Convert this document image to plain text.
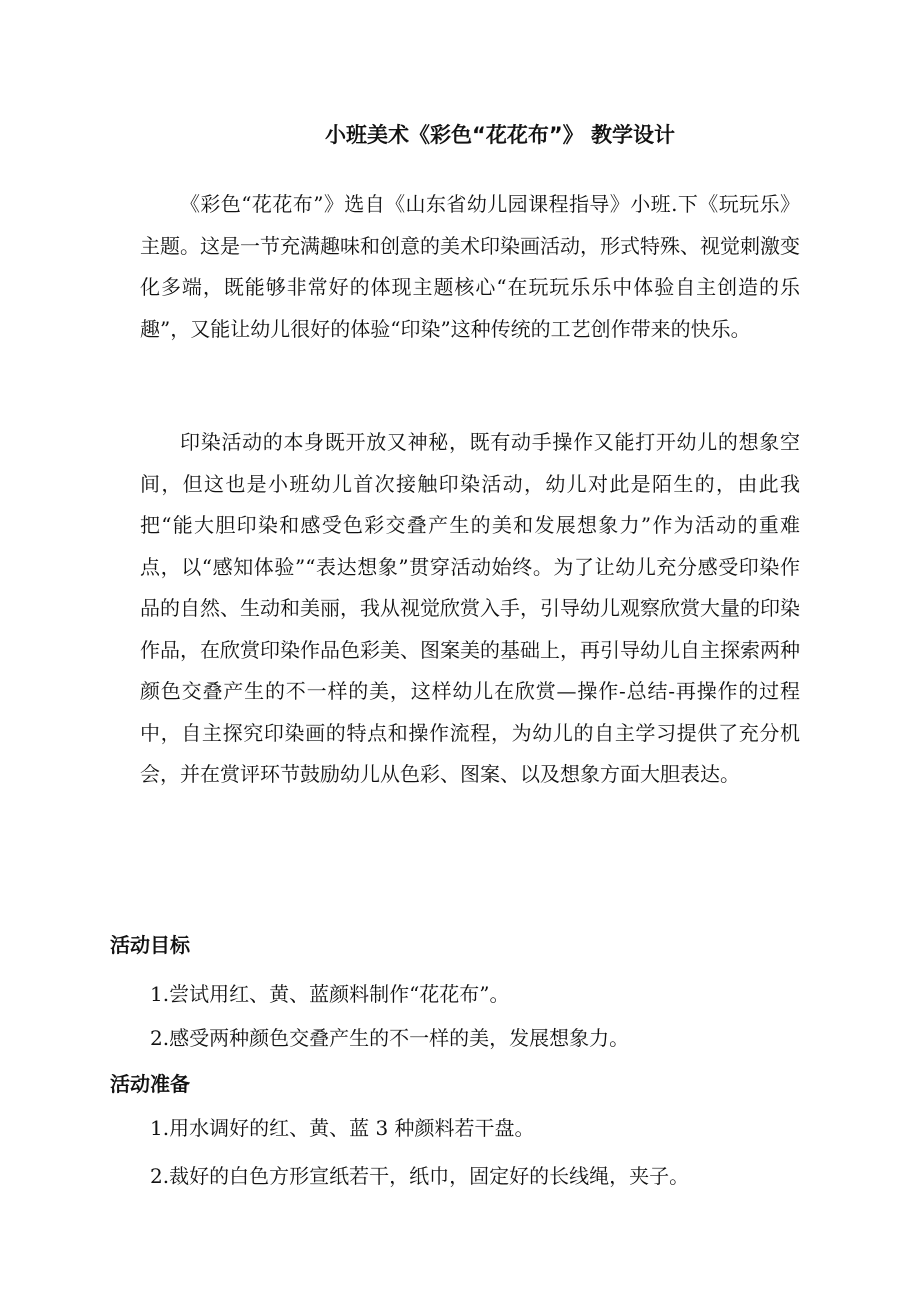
小班美术《彩色“花花布”》 教学设计

《彩色“花花布”》选自《山东省幼儿园课程指导》小班.下《玩玩乐》主题。这是一节充满趣味和创意的美术印染画活动，形式特殊、视觉刺激变化多端，既能够非常好的体现主题核心“在玩玩乐乐中体验自主创造的乐趣”，又能让幼儿很好的体验“印染”这种传统的工艺创作带来的快乐。

印染活动的本身既开放又神秘，既有动手操作又能打开幼儿的想象空间，但这也是小班幼儿首次接触印染活动，幼儿对此是陌生的，由此我把“能大胆印染和感受色彩交叠产生的美和发展想象力”作为活动的重难点，以“感知体验”“表达想象”贯穿活动始终。为了让幼儿充分感受印染作品的自然、生动和美丽，我从视觉欣赏入手，引导幼儿观察欣赏大量的印染作品，在欣赏印染作品色彩美、图案美的基础上，再引导幼儿自主探索两种颜色交叠产生的不一样的美，这样幼儿在欣赏—操作-总结-再操作的过程中，自主探究印染画的特点和操作流程，为幼儿的自主学习提供了充分机会，并在赏评环节鼓励幼儿从色彩、图案、以及想象方面大胆表达。

活动目标
1.尝试用红、黄、蓝颜料制作“花花布”。
2.感受两种颜色交叠产生的不一样的美，发展想象力。
活动准备
1.用水调好的红、黄、蓝 3 种颜料若干盘。
2.裁好的白色方形宣纸若干，纸巾，固定好的长线绳，夹子。
